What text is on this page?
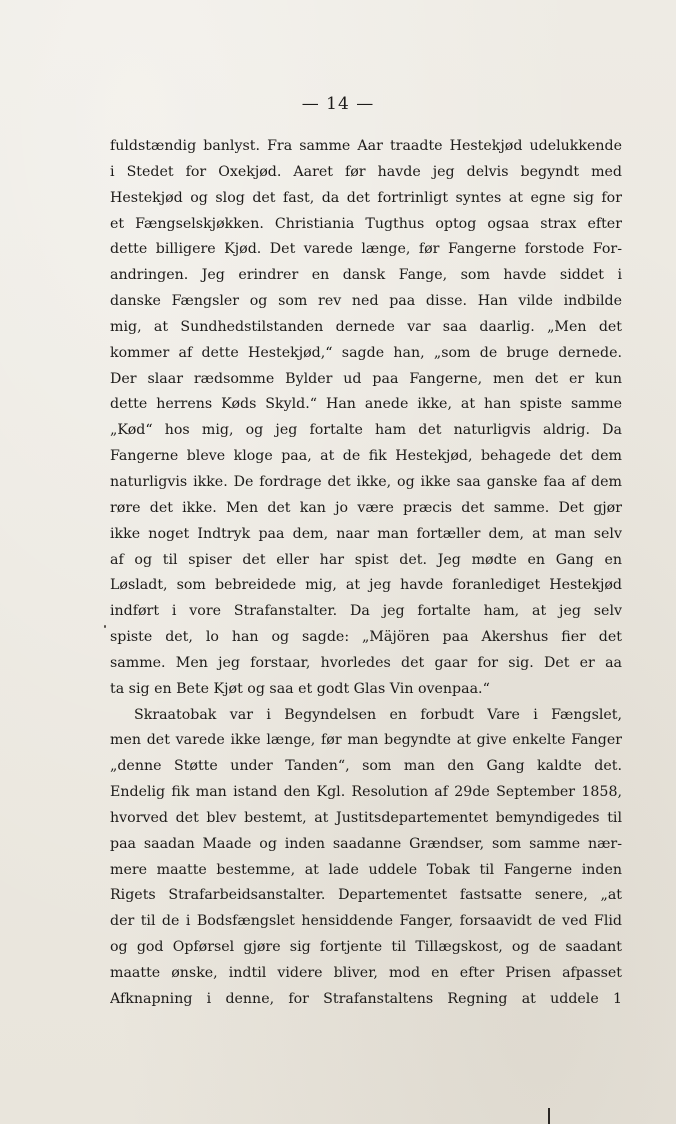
— 14 —
fuldstændig banlyst. Fra samme Aar traadte Hestekjød udelukkende
i Stedet for Oxekjød. Aaret før havde jeg delvis begyndt med
Hestekjød og slog det fast, da det fortrinligt syntes at egne sig for
et Fængselskjøkken. Christiania Tugthus optog ogsaa strax efter
dette billigere Kjød. Det varede længe, før Fangerne forstode For-
andringen. Jeg erindrer en dansk Fange, som havde siddet i
danske Fængsler og som rev ned paa disse. Han vilde indbilde
mig, at Sundhedstilstanden dernede var saa daarlig. „Men det
kommer af dette Hestekjød,“ sagde han, „som de bruge dernede.
Der slaar rædsomme Bylder ud paa Fangerne, men det er kun
dette herrens Køds Skyld.“ Han anede ikke, at han spiste samme
„Kød“ hos mig, og jeg fortalte ham det naturligvis aldrig. Da
Fangerne bleve kloge paa, at de fik Hestekjød, behagede det dem
naturligvis ikke. De fordrage det ikke, og ikke saa ganske faa af dem
røre det ikke. Men det kan jo være præcis det samme. Det gjør
ikke noget Indtryk paa dem, naar man fortæller dem, at man selv
af og til spiser det eller har spist det. Jeg mødte en Gang en
Løsladt, som bebreidede mig, at jeg havde foranlediget Hestekjød
indført i vore Strafanstalter. Da jeg fortalte ham, at jeg selv
spiste det, lo han og sagde: „Mäjören paa Akershus fier det
samme. Men jeg forstaar, hvorledes det gaar for sig. Det er aa
ta sig en Bete Kjøt og saa et godt Glas Vin ovenpaa.“
Skraatobak var i Begyndelsen en forbudt Vare i Fængslet,
men det varede ikke længe, før man begyndte at give enkelte Fanger
„denne Støtte under Tanden“, som man den Gang kaldte det.
Endelig fik man istand den Kgl. Resolution af 29de September 1858,
hvorved det blev bestemt, at Justitsdepartementet bemyndigedes til
paa saadan Maade og inden saadanne Grændser, som samme nær-
mere maatte bestemme, at lade uddele Tobak til Fangerne inden
Rigets Strafarbeidsanstalter. Departementet fastsatte senere, „at
der til de i Bodsfængslet hensiddende Fanger, forsaavidt de ved Flid
og god Opførsel gjøre sig fortjente til Tillægskost, og de saadant
maatte ønske, indtil videre bliver, mod en efter Prisen afpasset
Afknapning i denne, for Strafanstaltens Regning at uddele 1
